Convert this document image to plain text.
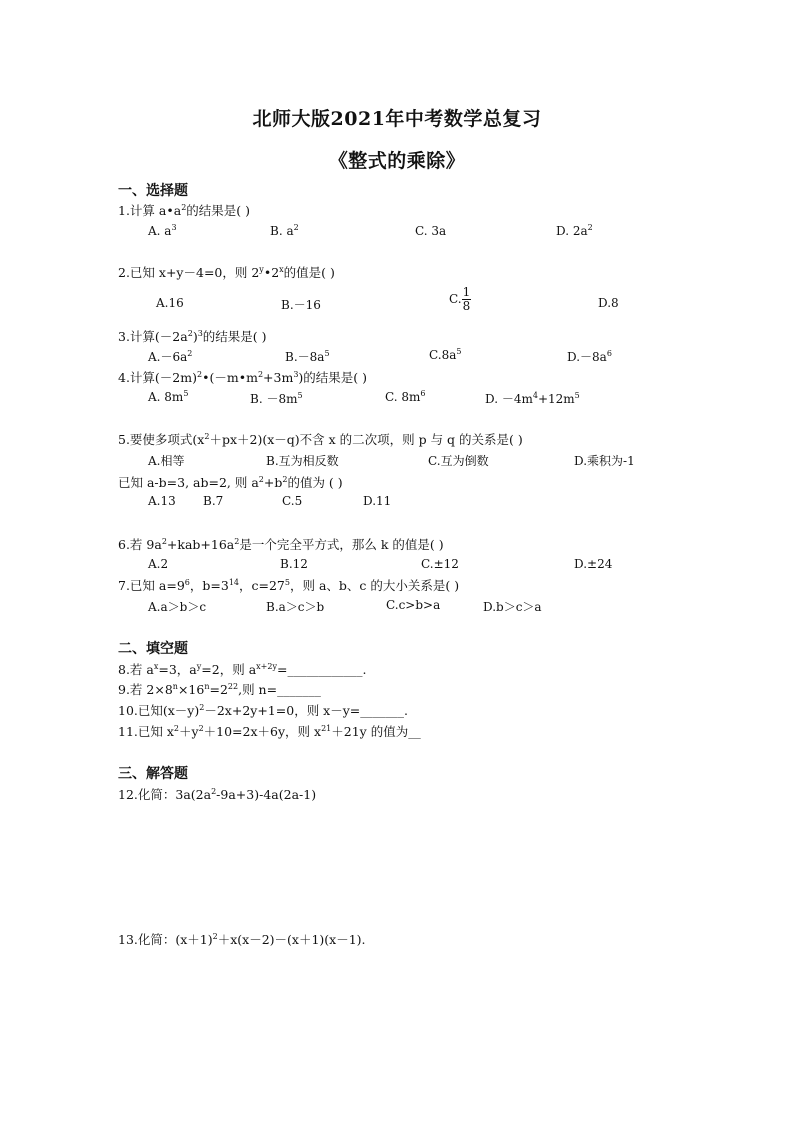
北师大版2021年中考数学总复习
《整式的乘除》
一、选择题
1.计算 $a•a^2$的结果是( )
A. $a^3$	B. $a^2$	C. 3a	D. $2a^2$
2.已知 x+y－4=0，则 2$^y$•2$^x$的值是( )
A.16	B.－16	C. $\frac{1}{8}$	D.8
3.计算$(-2a^2)^3$的结果是( )
$A.-6a^2$	$B.-8a^5$	$C.8a^5$	$D.-8a^6$
4.计算$(-2m)^2•(-m•m^2+3m^3)$的结果是( )
A. $8m^5$	B. $-8m^5$	C. $8m^6$	D. $-4m^4+12m^5$
5.要使多项式$(x^2+px+2)(x-q)$不含 x 的二次项，则 p 与 q 的关系是( )
A.相等	B.互为相反数	C.互为倒数	D.乘积为-1
已知 a-b=3, ab=2, 则 $a^2+b^2$的值为 ( )
A.13 B.7	C.5	D.11
6.若 $9a^2+kab+16a^2$是一个完全平方式，那么 k 的值是( )
A.2	B.12	C.±12	D.±24
7.已知 $a=9^6$，$b=3^{14}$，$c=27^5$，则 a、b、c 的大小关系是( )
A.a＞b＞c	B.a＞c＞b	C.c>b>a	D.b＞c＞a
二、填空题
8.若 $a^x=3$，$a^y=2$，则 $a^{x+2y}=\_\_\_\_\_\_\_\_\_\_\_\_$.
9.若 $2\times 8^n\times 16^n=2^{22}$,则 n=_______
10.已知$(x-y)^2-2x+2y+1=0$，则 x－y=_______.
11.已知 $x^2+y^2+10=2x+6y$，则 $x^{21}+21y$ 的值为__
三、解答题
12.化简：$3a(2a^2-9a+3)-4a(2a-1)$
13.化简：$(x+1)^2+x(x-2)-(x+1)(x-1)$.
